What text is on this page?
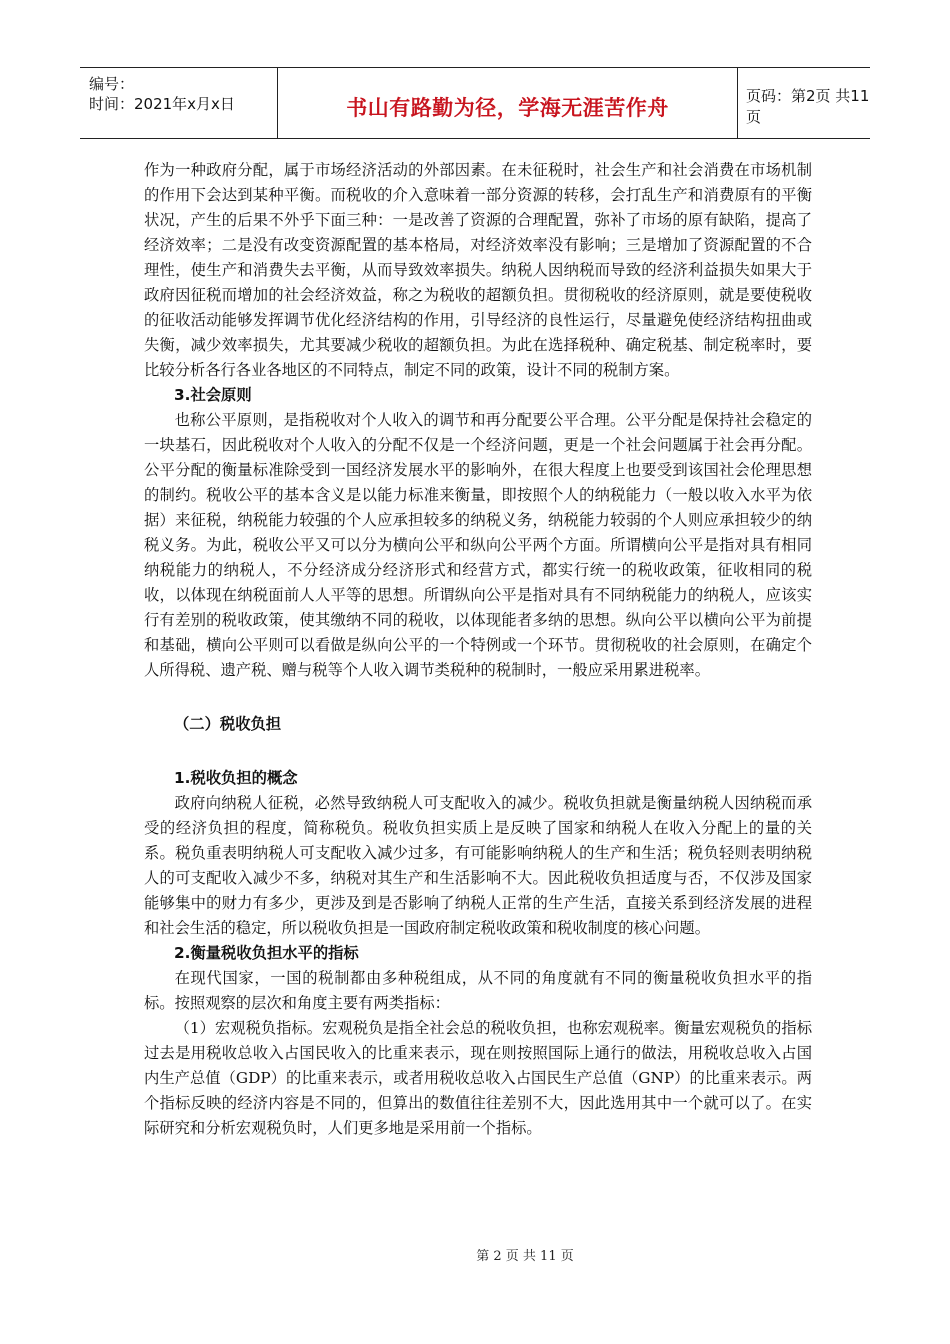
编号：
时间：2021年x月x日	书山有路勤为径，学海无涯苦作舟	页码：第2页 共11页

作为一种政府分配，属于市场经济活动的外部因素。在未征税时，社会生产和社会消费在市场机制的作用下会达到某种平衡。而税收的介入意味着一部分资源的转移，会打乱生产和消费原有的平衡状况，产生的后果不外乎下面三种：一是改善了资源的合理配置，弥补了市场的原有缺陷，提高了经济效率；二是没有改变资源配置的基本格局，对经济效率没有影响；三是增加了资源配置的不合理性，使生产和消费失去平衡，从而导致效率损失。纳税人因纳税而导致的经济利益损失如果大于政府因征税而增加的社会经济效益，称之为税收的超额负担。贯彻税收的经济原则，就是要使税收的征收活动能够发挥调节优化经济结构的作用，引导经济的良性运行，尽量避免使经济结构扭曲或失衡，减少效率损失，尤其要减少税收的超额负担。为此在选择税种、确定税基、制定税率时，要比较分析各行各业各地区的不同特点，制定不同的政策，设计不同的税制方案。

3.社会原则

也称公平原则，是指税收对个人收入的调节和再分配要公平合理。公平分配是保持社会稳定的一块基石，因此税收对个人收入的分配不仅是一个经济问题，更是一个社会问题属于社会再分配。公平分配的衡量标准除受到一国经济发展水平的影响外，在很大程度上也要受到该国社会伦理思想的制约。税收公平的基本含义是以能力标准来衡量，即按照个人的纳税能力（一般以收入水平为依据）来征税，纳税能力较强的个人应承担较多的纳税义务，纳税能力较弱的个人则应承担较少的纳税义务。为此，税收公平又可以分为横向公平和纵向公平两个方面。所谓横向公平是指对具有相同纳税能力的纳税人，不分经济成分经济形式和经营方式，都实行统一的税收政策，征收相同的税收，以体现在纳税面前人人平等的思想。所谓纵向公平是指对具有不同纳税能力的纳税人，应该实行有差别的税收政策，使其缴纳不同的税收，以体现能者多纳的思想。纵向公平以横向公平为前提和基础，横向公平则可以看做是纵向公平的一个特例或一个环节。贯彻税收的社会原则，在确定个人所得税、遗产税、赠与税等个人收入调节类税种的税制时，一般应采用累进税率。

（二）税收负担

1.税收负担的概念

政府向纳税人征税，必然导致纳税人可支配收入的减少。税收负担就是衡量纳税人因纳税而承受的经济负担的程度，简称税负。税收负担实质上是反映了国家和纳税人在收入分配上的量的关系。税负重表明纳税人可支配收入减少过多，有可能影响纳税人的生产和生活；税负轻则表明纳税人的可支配收入减少不多，纳税对其生产和生活影响不大。因此税收负担适度与否，不仅涉及国家能够集中的财力有多少，更涉及到是否影响了纳税人正常的生产生活，直接关系到经济发展的进程和社会生活的稳定，所以税收负担是一国政府制定税收政策和税收制度的核心问题。

2.衡量税收负担水平的指标

在现代国家，一国的税制都由多种税组成，从不同的角度就有不同的衡量税收负担水平的指标。按照观察的层次和角度主要有两类指标：

（1）宏观税负指标。宏观税负是指全社会总的税收负担，也称宏观税率。衡量宏观税负的指标过去是用税收总收入占国民收入的比重来表示，现在则按照国际上通行的做法，用税收总收入占国内生产总值（GDP）的比重来表示，或者用税收总收入占国民生产总值（GNP）的比重来表示。两个指标反映的经济内容是不同的，但算出的数值往往差别不大，因此选用其中一个就可以了。在实际研究和分析宏观税负时，人们更多地是采用前一个指标。

第 2 页 共 11 页
